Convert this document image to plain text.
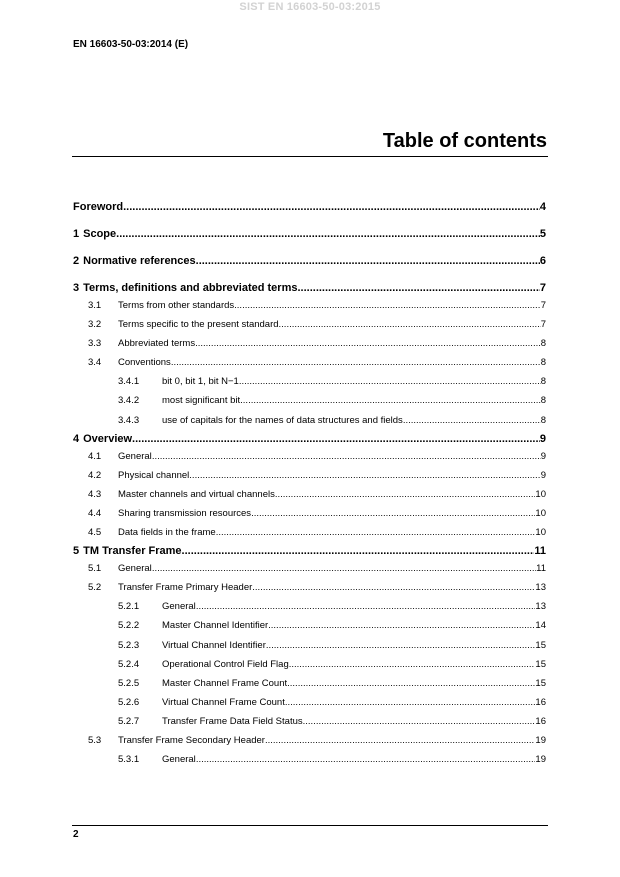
SIST EN 16603-50-03:2015
EN 16603-50-03:2014 (E)
Table of contents
Foreword .....	4
1 Scope .....	5
2 Normative references .....	6
3 Terms, definitions and abbreviated terms .....	7
3.1	Terms from other standards .....	7
3.2	Terms specific to the present standard .....	7
3.3	Abbreviated terms .....	8
3.4	Conventions .....	8
3.4.1	bit 0, bit 1, bit N−1 .....	8
3.4.2	most significant bit .....	8
3.4.3	use of capitals for the names of data structures and fields .....	8
4 Overview .....	9
4.1	General .....	9
4.2	Physical channel .....	9
4.3	Master channels and virtual channels .....	10
4.4	Sharing transmission resources .....	10
4.5	Data fields in the frame .....	10
5 TM Transfer Frame .....	11
5.1	General .....	11
5.2	Transfer Frame Primary Header .....	13
5.2.1	General .....	13
5.2.2	Master Channel Identifier .....	14
5.2.3	Virtual Channel Identifier .....	15
5.2.4	Operational Control Field Flag .....	15
5.2.5	Master Channel Frame Count .....	15
5.2.6	Virtual Channel Frame Count .....	16
5.2.7	Transfer Frame Data Field Status .....	16
5.3	Transfer Frame Secondary Header .....	19
5.3.1	General .....	19
2
